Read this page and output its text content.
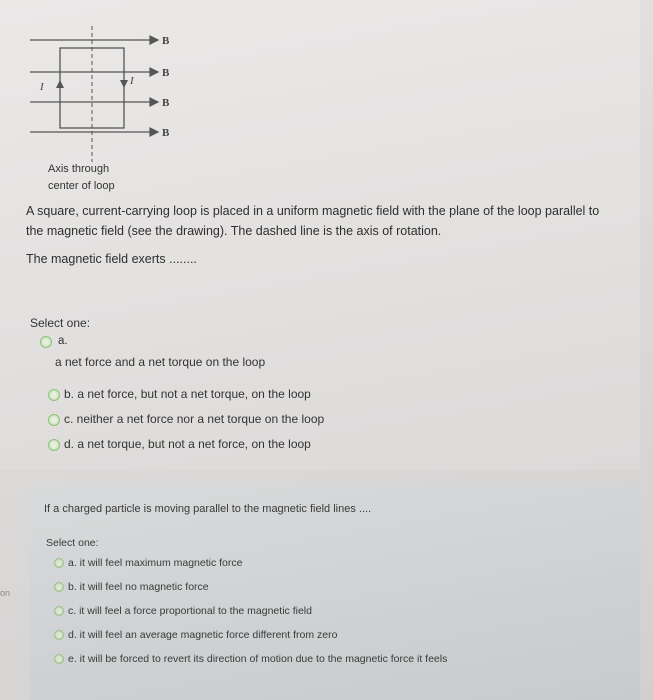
B
B
B
B
I	I
Axis through
center of loop
A square, current-carrying loop is placed in a uniform magnetic field with the plane of the loop parallel to
the magnetic field (see the drawing). The dashed line is the axis of rotation.
The magnetic field exerts ........
Select one:
a.
a net force and a net torque on the loop
b. a net force, but not a net torque, on the loop
c. neither a net force nor a net torque on the loop
d. a net torque, but not a net force, on the loop
on
If a charged particle is moving parallel to the magnetic field lines ....
Select one:
a. it will feel maximum magnetic force
b. it will feel no magnetic force
c. it will feel a force proportional to the magnetic field
d. it will feel an average magnetic force different from zero
e. it will be forced to revert its direction of motion due to the magnetic force it feels
